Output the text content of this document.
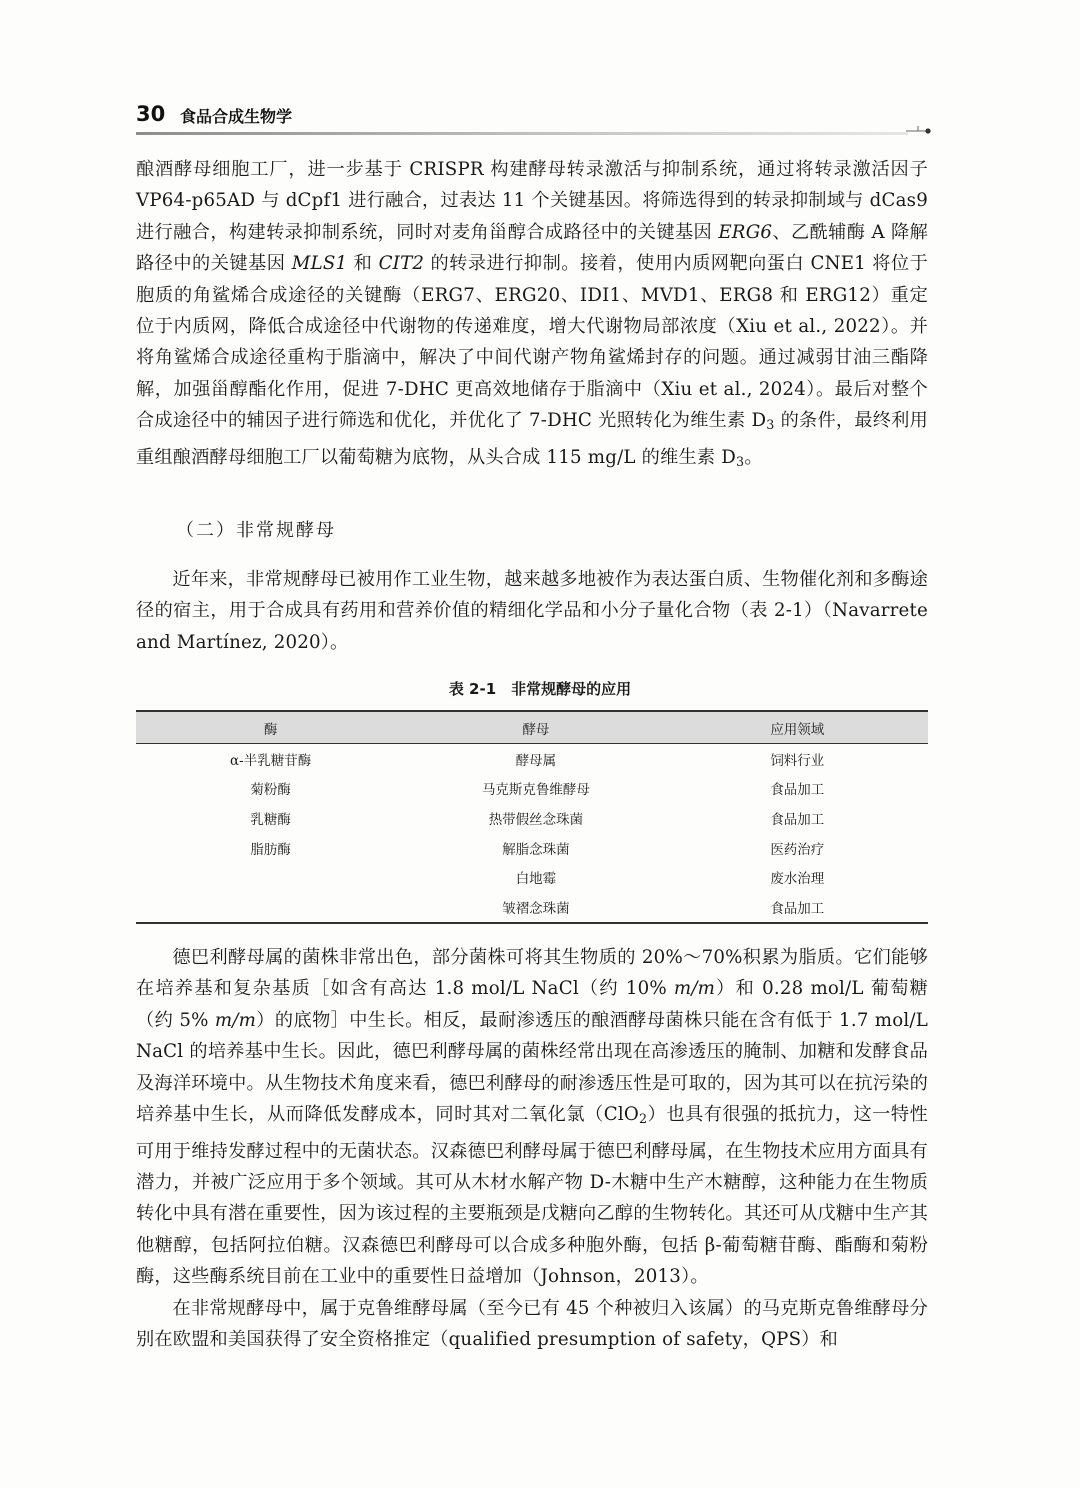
30 食品合成生物学

酿酒酵母细胞工厂，进一步基于 CRISPR 构建酵母转录激活与抑制系统，通过将转录激活因子 VP64-p65AD 与 dCpf1 进行融合，过表达 11 个关键基因。将筛选得到的转录抑制域与 dCas9 进行融合，构建转录抑制系统，同时对麦角甾醇合成路径中的关键基因 ERG6、乙酰辅酶 A 降解路径中的关键基因 MLS1 和 CIT2 的转录进行抑制。接着，使用内质网靶向蛋白 CNE1 将位于胞质的角鲨烯合成途径的关键酶（ERG7、ERG20、IDI1、MVD1、ERG8 和 ERG12）重定位于内质网，降低合成途径中代谢物的传递难度，增大代谢物局部浓度（Xiu et al., 2022）。并将角鲨烯合成途径重构于脂滴中，解决了中间代谢产物角鲨烯封存的问题。通过减弱甘油三酯降解，加强甾醇酯化作用，促进 7-DHC 更高效地储存于脂滴中（Xiu et al., 2024）。最后对整个合成途径中的辅因子进行筛选和优化，并优化了 7-DHC 光照转化为维生素 $D_3$ 的条件，最终利用重组酿酒酵母细胞工厂以葡萄糖为底物，从头合成 115 mg/L 的维生素 $D_3$。

（二）非常规酵母

近年来，非常规酵母已被用作工业生物，越来越多地被作为表达蛋白质、生物催化剂和多酶途径的宿主，用于合成具有药用和营养价值的精细化学品和小分子量化合物（表 2-1）（Navarrete and Martínez, 2020）。

表 2-1　非常规酵母的应用
酶	酵母	应用领域
α-半乳糖苷酶	酵母属	饲料行业
菊粉酶	马克斯克鲁维酵母	食品加工
乳糖酶	热带假丝念珠菌	食品加工
脂肪酶	解脂念珠菌	医药治疗
	白地霉	废水治理
	皱褶念珠菌	食品加工

德巴利酵母属的菌株非常出色，部分菌株可将其生物质的 20%～70%积累为脂质。它们能够在培养基和复杂基质［如含有高达 1.8 mol/L NaCl（约 10% m/m）和 0.28 mol/L 葡萄糖（约 5% m/m）的底物］中生长。相反，最耐渗透压的酿酒酵母菌株只能在含有低于 1.7 mol/L NaCl 的培养基中生长。因此，德巴利酵母属的菌株经常出现在高渗透压的腌制、加糖和发酵食品及海洋环境中。从生物技术角度来看，德巴利酵母的耐渗透压性是可取的，因为其可以在抗污染的培养基中生长，从而降低发酵成本，同时其对二氧化氯（ClO$_2$）也具有很强的抵抗力，这一特性可用于维持发酵过程中的无菌状态。汉森德巴利酵母属于德巴利酵母属，在生物技术应用方面具有潜力，并被广泛应用于多个领域。其可从木材水解产物 D-木糖中生产木糖醇，这种能力在生物质转化中具有潜在重要性，因为该过程的主要瓶颈是戊糖向乙醇的生物转化。其还可从戊糖中生产其他糖醇，包括阿拉伯糖。汉森德巴利酵母可以合成多种胞外酶，包括 β-葡萄糖苷酶、酯酶和菊粉酶，这些酶系统目前在工业中的重要性日益增加（Johnson，2013）。

在非常规酵母中，属于克鲁维酵母属（至今已有 45 个种被归入该属）的马克斯克鲁维酵母分别在欧盟和美国获得了安全资格推定（qualified presumption of safety，QPS）和
